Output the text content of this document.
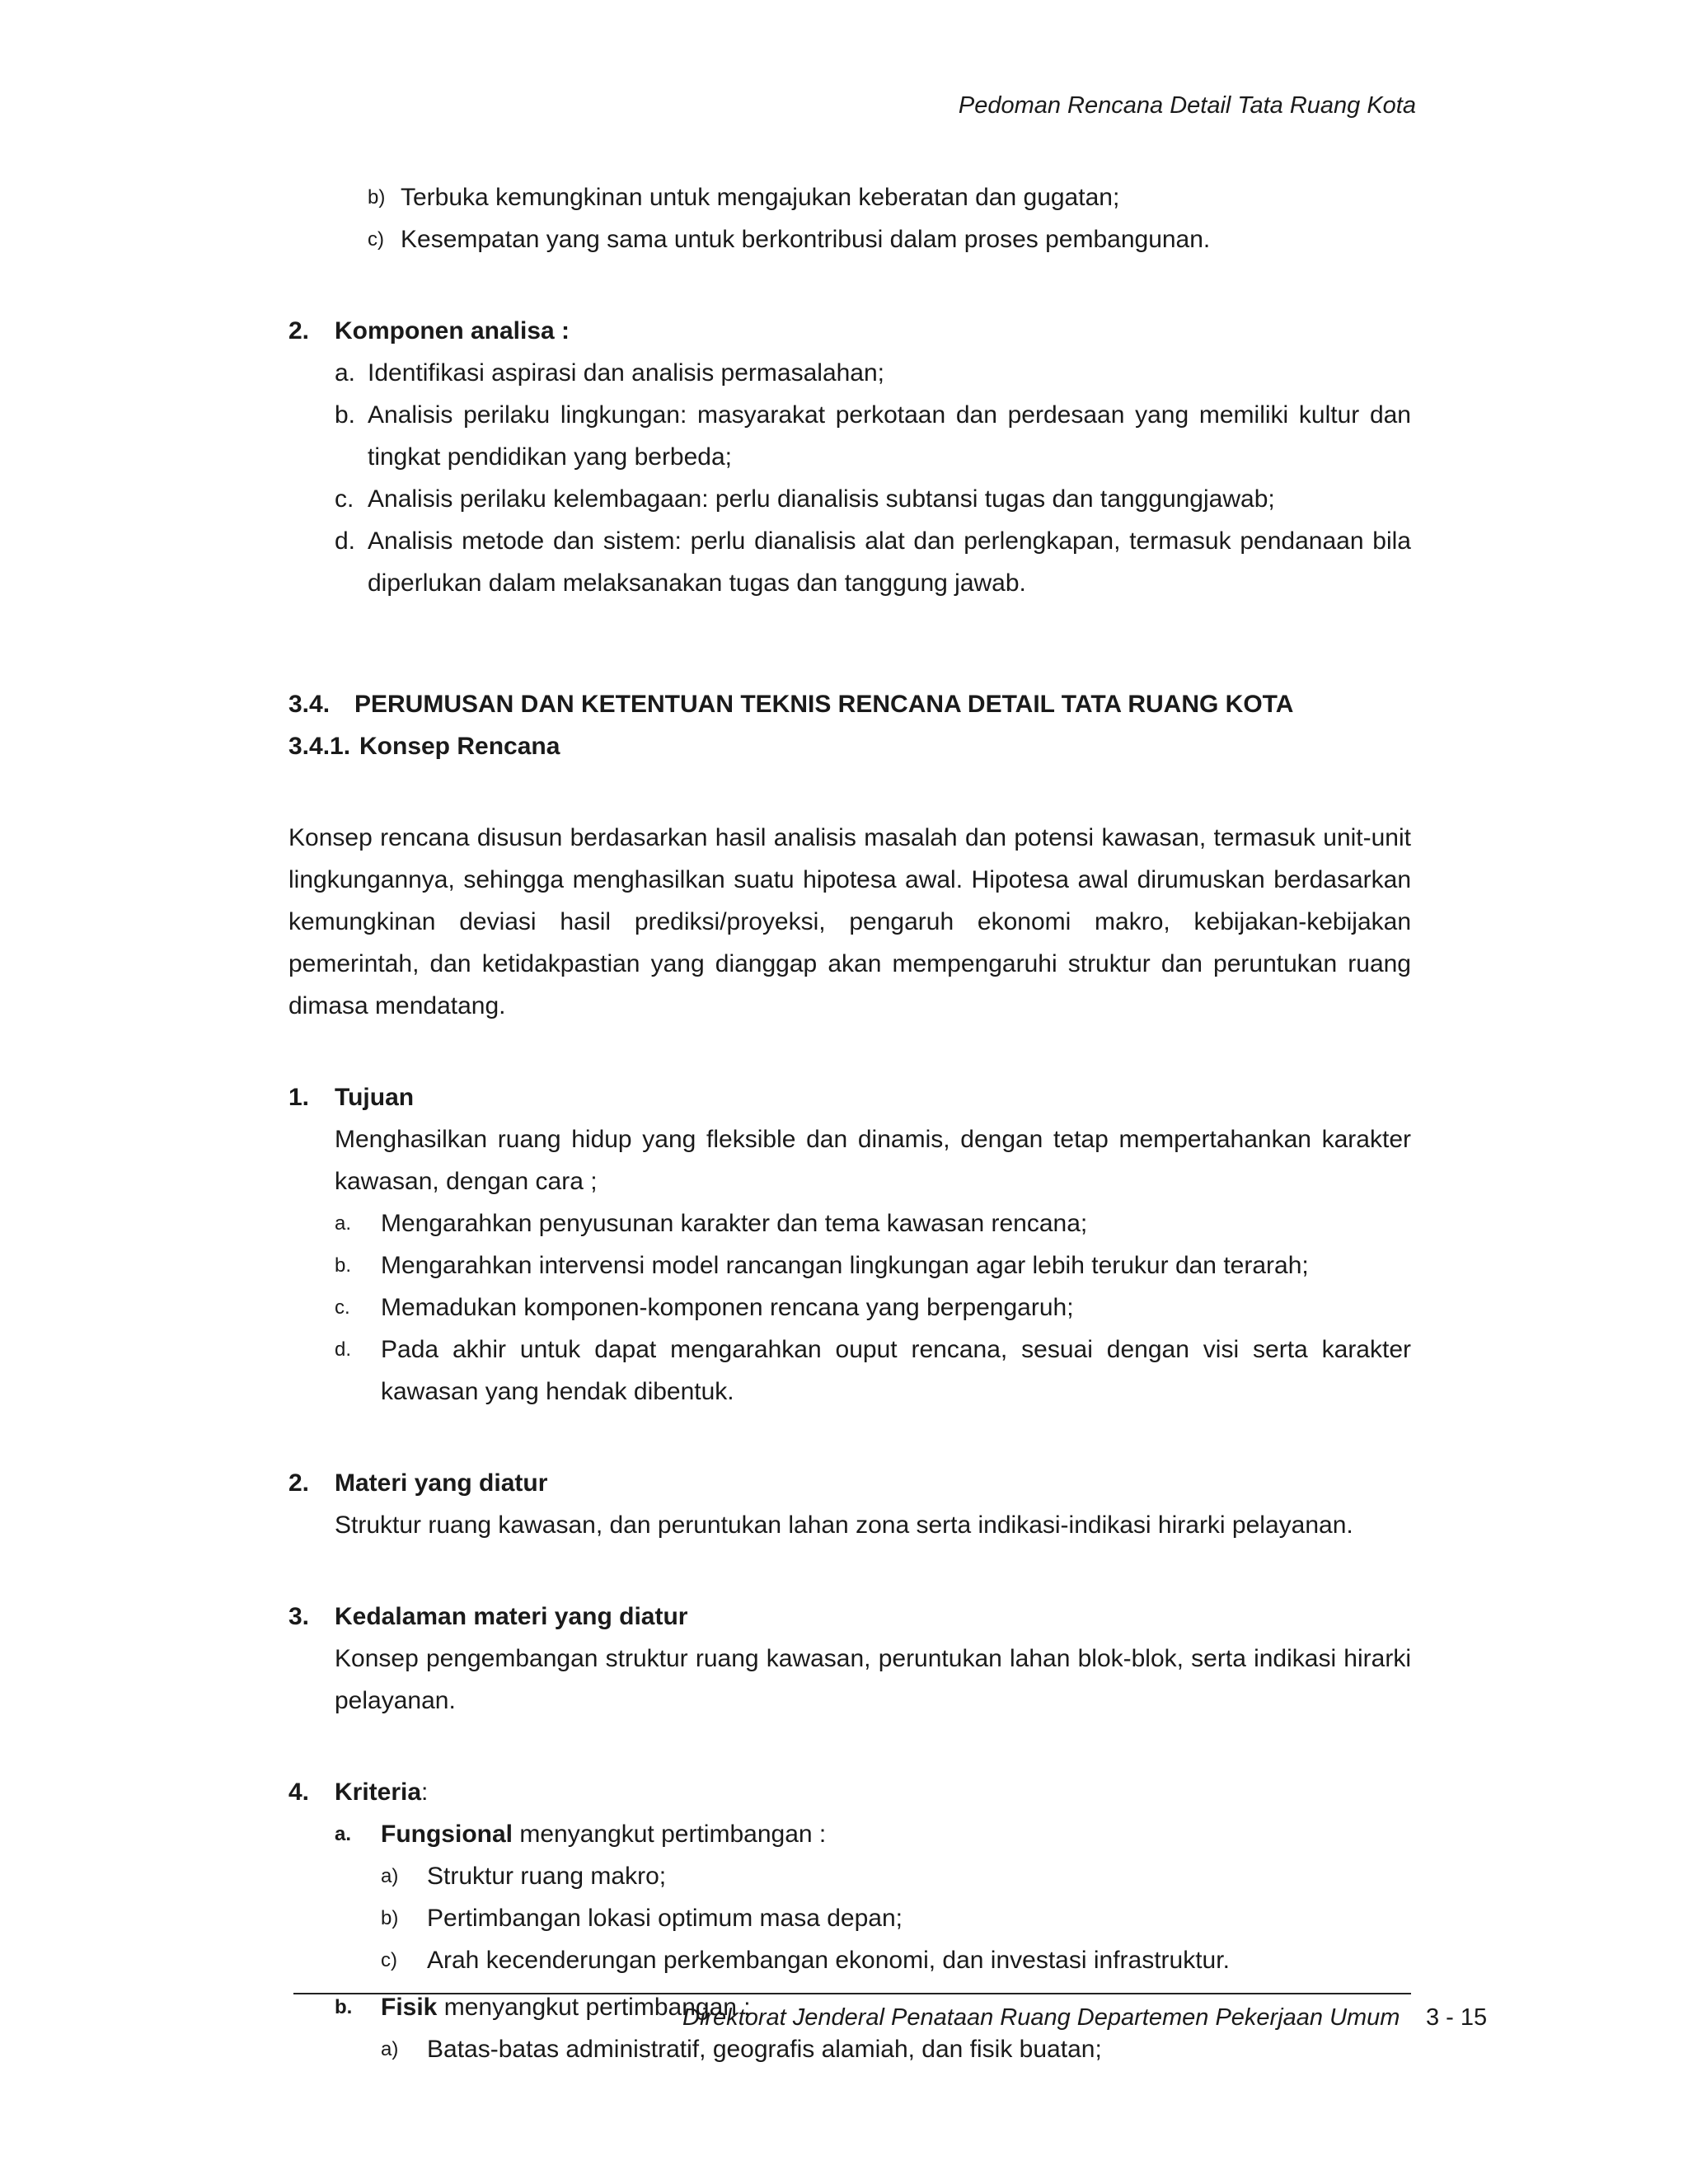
Pedoman Rencana Detail Tata Ruang Kota
b) Terbuka kemungkinan untuk mengajukan keberatan dan gugatan;
c) Kesempatan yang sama untuk berkontribusi dalam proses pembangunan.
2. Komponen analisa :
a. Identifikasi aspirasi dan analisis permasalahan;
b. Analisis perilaku lingkungan: masyarakat perkotaan dan perdesaan yang memiliki kultur dan tingkat pendidikan yang berbeda;
c. Analisis perilaku kelembagaan: perlu dianalisis subtansi tugas dan tanggungjawab;
d. Analisis metode dan sistem: perlu dianalisis alat dan perlengkapan, termasuk pendanaan bila diperlukan dalam melaksanakan tugas dan tanggung jawab.
3.4. PERUMUSAN DAN KETENTUAN TEKNIS RENCANA DETAIL TATA RUANG KOTA
3.4.1. Konsep Rencana
Konsep rencana disusun berdasarkan hasil analisis masalah dan potensi kawasan, termasuk unit-unit lingkungannya, sehingga menghasilkan suatu hipotesa awal. Hipotesa awal dirumuskan berdasarkan kemungkinan deviasi hasil prediksi/proyeksi, pengaruh ekonomi makro, kebijakan-kebijakan pemerintah, dan ketidakpastian yang dianggap akan mempengaruhi struktur dan peruntukan ruang dimasa mendatang.
1. Tujuan
Menghasilkan ruang hidup yang fleksible dan dinamis, dengan tetap mempertahankan karakter kawasan, dengan cara ;
a. Mengarahkan penyusunan karakter dan tema kawasan rencana;
b. Mengarahkan intervensi model rancangan lingkungan agar lebih terukur dan terarah;
c. Memadukan komponen-komponen rencana yang berpengaruh;
d. Pada akhir untuk dapat mengarahkan ouput rencana, sesuai dengan visi serta karakter kawasan yang hendak dibentuk.
2. Materi yang diatur
Struktur ruang kawasan, dan peruntukan lahan zona serta indikasi-indikasi hirarki pelayanan.
3. Kedalaman materi yang diatur
Konsep pengembangan struktur ruang kawasan, peruntukan lahan blok-blok, serta indikasi hirarki pelayanan.
4. Kriteria:
a. Fungsional menyangkut pertimbangan :
a) Struktur ruang makro;
b) Pertimbangan lokasi optimum masa depan;
c) Arah kecenderungan perkembangan ekonomi, dan investasi infrastruktur.
b. Fisik menyangkut pertimbangan :
a) Batas-batas administratif, geografis alamiah, dan fisik buatan;
Direktorat Jenderal Penataan Ruang Departemen Pekerjaan Umum 3 - 15
